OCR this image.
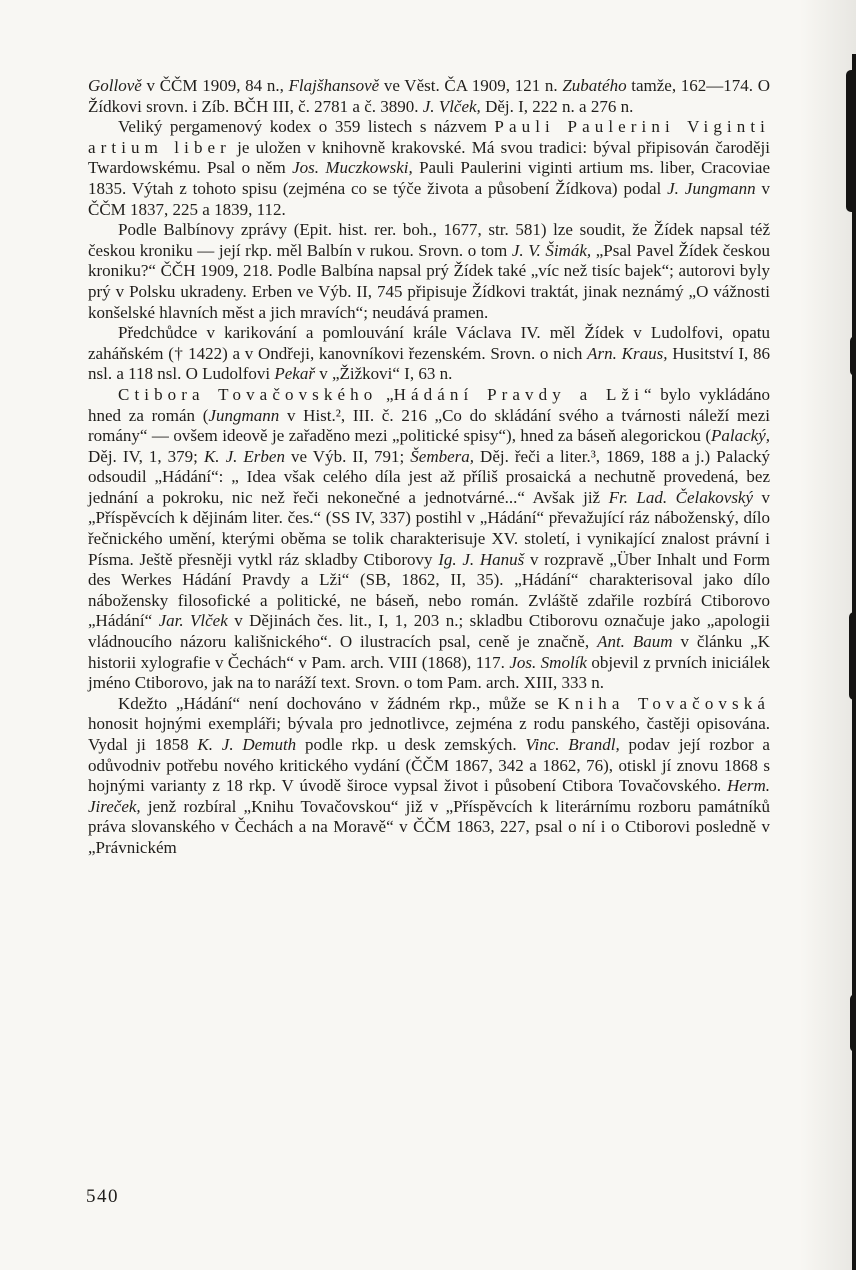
Gollově v ČČM 1909, 84 n., Flajšhansově ve Věst. ČA 1909, 121 n. Zubatého tamže, 162—174. O Žídkovi srovn. i Zíb. BČH III, č. 2781 a č. 3890. J. Vlček, Děj. I, 222 n. a 276 n.

Veliký pergamenový kodex o 359 listech s názvem Pauli Paulerini Viginti artium liber je uložen v knihovně krakovské. Má svou tradici: býval připisován čaroději Twardowskému. Psal o něm Jos. Muczkowski, Pauli Paulerini viginti artium ms. liber, Cracoviae 1835. Výtah z tohoto spisu (zejména co se týče života a působení Žídkova) podal J. Jungmann v ČČM 1837, 225 a 1839, 112.

Podle Balbínovy zprávy (Epit. hist. rer. boh., 1677, str. 581) lze soudit, že Žídek napsal též českou kroniku — její rkp. měl Balbín v rukou. Srovn. o tom J. V. Šimák, „Psal Pavel Žídek českou kroniku?“ ČČH 1909, 218. Podle Balbína napsal prý Žídek také „víc než tisíc bajek“; autorovi byly prý v Polsku ukradeny. Erben ve Výb. II, 745 připisuje Žídkovi traktát, jinak neznámý „O vážnosti konšelské hlavních měst a jich mravích“; neudává pramen.

Předchůdce v karikování a pomlouvání krále Václava IV. měl Žídek v Ludolfovi, opatu zaháňském († 1422) a v Ondřeji, kanovníkovi řezenském. Srovn. o nich Arn. Kraus, Husitství I, 86 nsl. a 118 nsl. O Ludolfovi Pekař v „Žižkovi“ I, 63 n.

Ctibora Tovačovského „Hádání Pravdy a Lži“ bylo vykládáno hned za román (Jungmann v Hist.², III. č. 216 „Co do skládání svého a tvárnosti náleží mezi romány“ — ovšem ideově je zařaděno mezi „politické spisy“), hned za báseň alegorickou (Palacký, Děj. IV, 1, 379; K. J. Erben ve Výb. II, 791; Šembera, Děj. řeči a liter.³, 1869, 188 a j.) Palacký odsoudil „Hádání“: „ Idea však celého díla jest až příliš prosaická a nechutně provedená, bez jednání a pokroku, nic než řeči nekonečné a jednotvárné...“ Avšak již Fr. Lad. Čelakovský v „Příspěvcích k dějinám liter. čes.“ (SS IV, 337) postihl v „Hádání“ převažující ráz náboženský, dílo řečnického umění, kterými oběma se tolik charakterisuje XV. století, i vynikající znalost právní i Písma. Ještě přesněji vytkl ráz skladby Ctiborovy Ig. J. Hanuš v rozpravě „Über Inhalt und Form des Werkes Hádání Pravdy a Lži“ (SB, 1862, II, 35). „Hádání“ charakterisoval jako dílo nábožensky filosofické a politické, ne báseň, nebo román. Zvláště zdařile rozbírá Ctiborovo „Hádání“ Jar. Vlček v Dějinách čes. lit., I, 1, 203 n.; skladbu Ctiborovu označuje jako „apologii vládnoucího názoru kališnického“. O ilustracích psal, ceně je značně, Ant. Baum v článku „K historii xylografie v Čechách“ v Pam. arch. VIII (1868), 117. Jos. Smolík objevil z prvních iniciálek jméno Ctiborovo, jak na to naráží text. Srovn. o tom Pam. arch. XIII, 333 n.

Kdežto „Hádání“ není dochováno v žádném rkp., může se Kniha Tovačovská honosit hojnými exempláři; bývala pro jednotlivce, zejména z rodu panského, častěji opisována. Vydal ji 1858 K. J. Demuth podle rkp. u desk zemských. Vinc. Brandl, podav její rozbor a odůvodniv potřebu nového kritického vydání (ČČM 1867, 342 a 1862, 76), otiskl jí znovu 1868 s hojnými varianty z 18 rkp. V úvodě široce vypsal život i působení Ctibora Tovačovského. Herm. Jireček, jenž rozbíral „Knihu Tovačovskou“ již v „Příspěvcích k literárnímu rozboru památníků práva slovanského v Čechách a na Moravě“ v ČČM 1863, 227, psal o ní i o Ctiborovi posledně v „Právnickém

540
